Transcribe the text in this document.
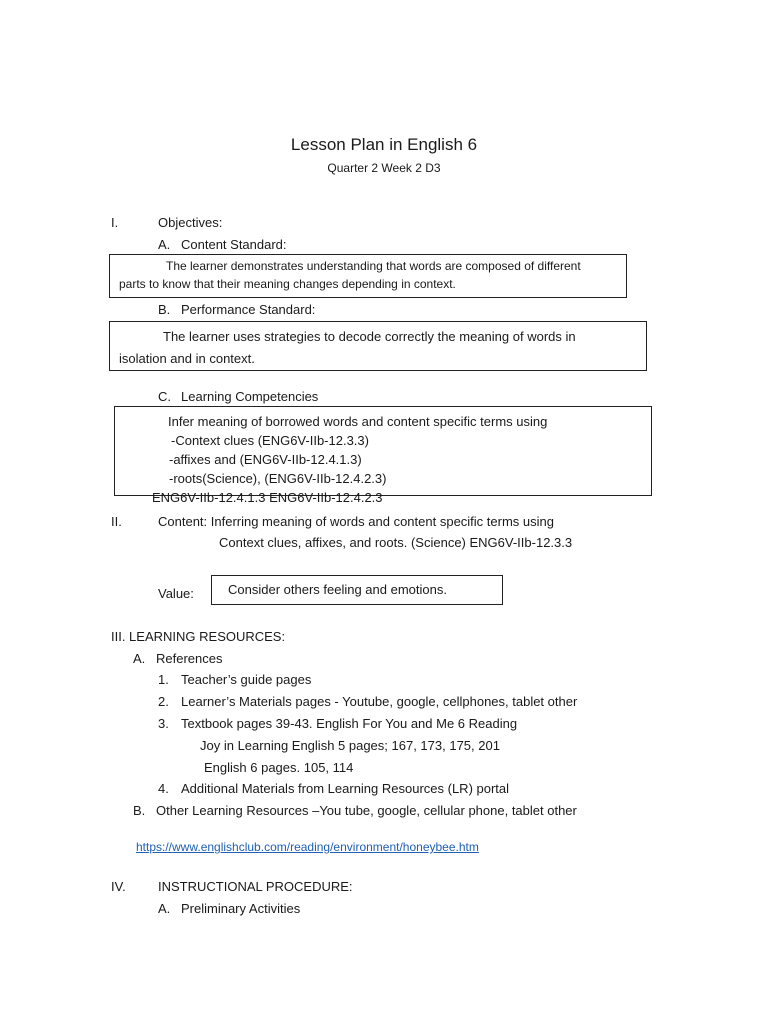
Lesson Plan in English 6
Quarter 2 Week 2 D3
I.	Objectives:
A. Content Standard:
The learner demonstrates understanding that words are composed of different
parts to know that their meaning changes depending in context.
B. Performance Standard:
The learner uses strategies to decode correctly the meaning of words in
isolation and in context.
C. Learning Competencies
Infer meaning of borrowed words and content specific terms using
-Context clues (ENG6V-IIb-12.3.3)
-affixes and (ENG6V-IIb-12.4.1.3)
-roots(Science), (ENG6V-IIb-12.4.2.3)
ENG6V-IIb-12.4.1.3 ENG6V-IIb-12.4.2.3
II.	Content: Inferring meaning of words and content specific terms using
Context clues, affixes, and roots. (Science) ENG6V-IIb-12.3.3
Value:	Consider others feeling and emotions.
III. LEARNING RESOURCES:
A. References
1. Teacher’s guide pages
2. Learner’s Materials pages - Youtube, google, cellphones, tablet other
3. Textbook pages 39-43. English For You and Me 6 Reading
Joy in Learning English 5 pages; 167, 173, 175, 201
English 6 pages. 105, 114
4. Additional Materials from Learning Resources (LR) portal
B. Other Learning Resources –You tube, google, cellular phone, tablet other
https://www.englishclub.com/reading/environment/honeybee.htm
IV. INSTRUCTIONAL PROCEDURE:
A. Preliminary Activities
